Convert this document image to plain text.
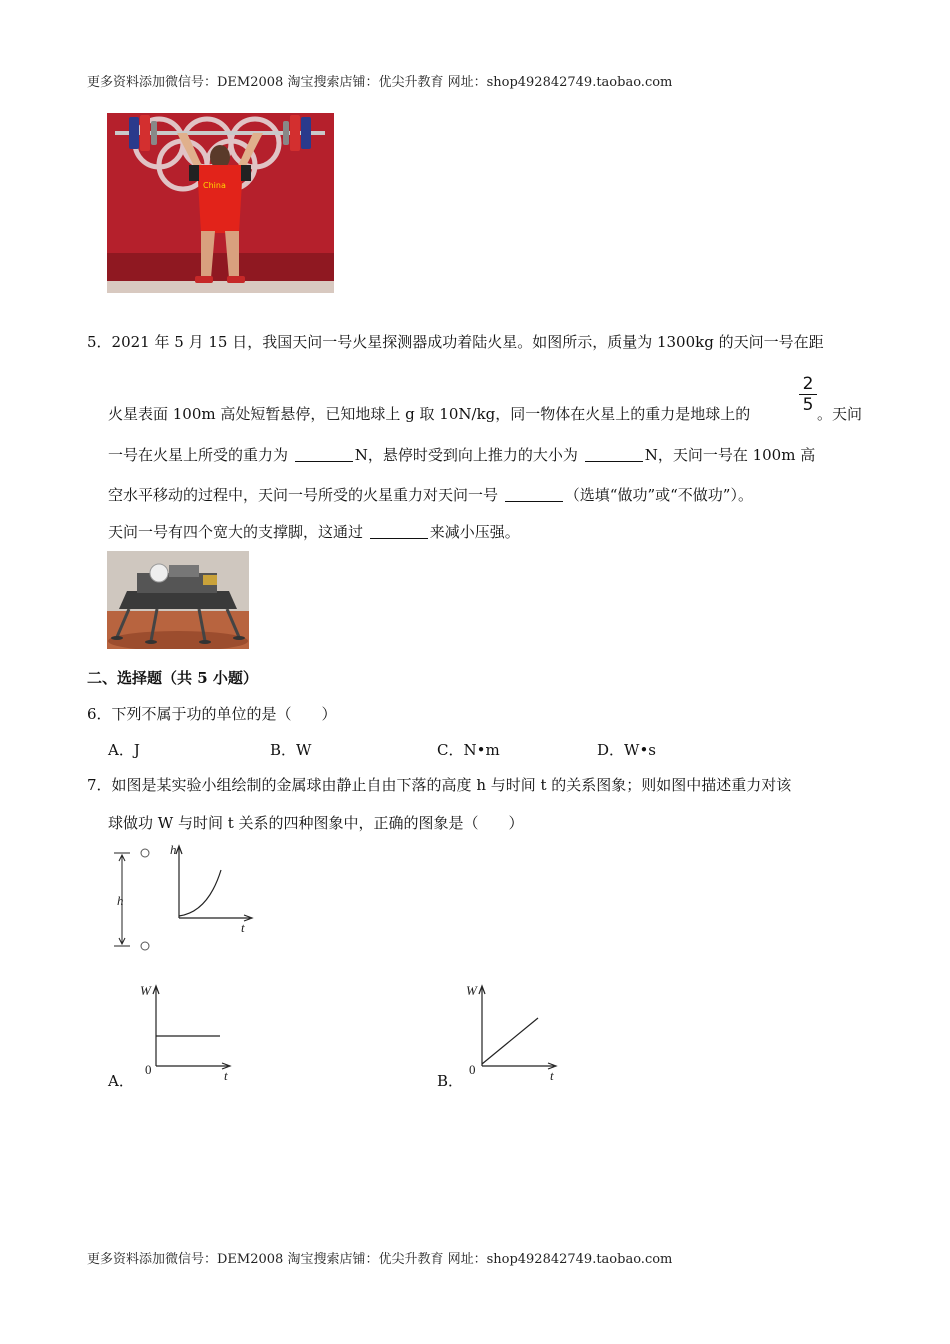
更多资料添加微信号：DEM2008 淘宝搜索店铺：优尖升教育 网址：shop492842749.taobao.com
China
5．2021 年 5 月 15 日，我国天问一号火星探测器成功着陆火星。如图所示，质量为 1300kg 的天问一号在距
火星表面 100m 高处短暂悬停，已知地球上 g 取 10N/kg，同一物体在火星上的重力是地球上的
2
5 。天问
一号在火星上所受的重力为	N，悬停时受到向上推力的大小为	N，天问一号在 100m 高
空水平移动的过程中，天问一号所受的火星重力对天问一号	（选填“做功”或“不做功”）。
天问一号有四个宽大的支撑脚，这通过	来减小压强。
二、选择题（共 5 小题）
6．下列不属于功的单位的是（　　）
A．J	B．W	C．N•m	D．W•s
7．如图是某实验小组绘制的金属球由静止自由下落的高度 h 与时间 t 的关系图象；则如图中描述重力对该
球做功 W 与时间 t 关系的四种图象中，正确的图象是（　　）
h
h
t
A．
W
0	t	B．
W
0	t
更多资料添加微信号：DEM2008 淘宝搜索店铺：优尖升教育 网址：shop492842749.taobao.com
